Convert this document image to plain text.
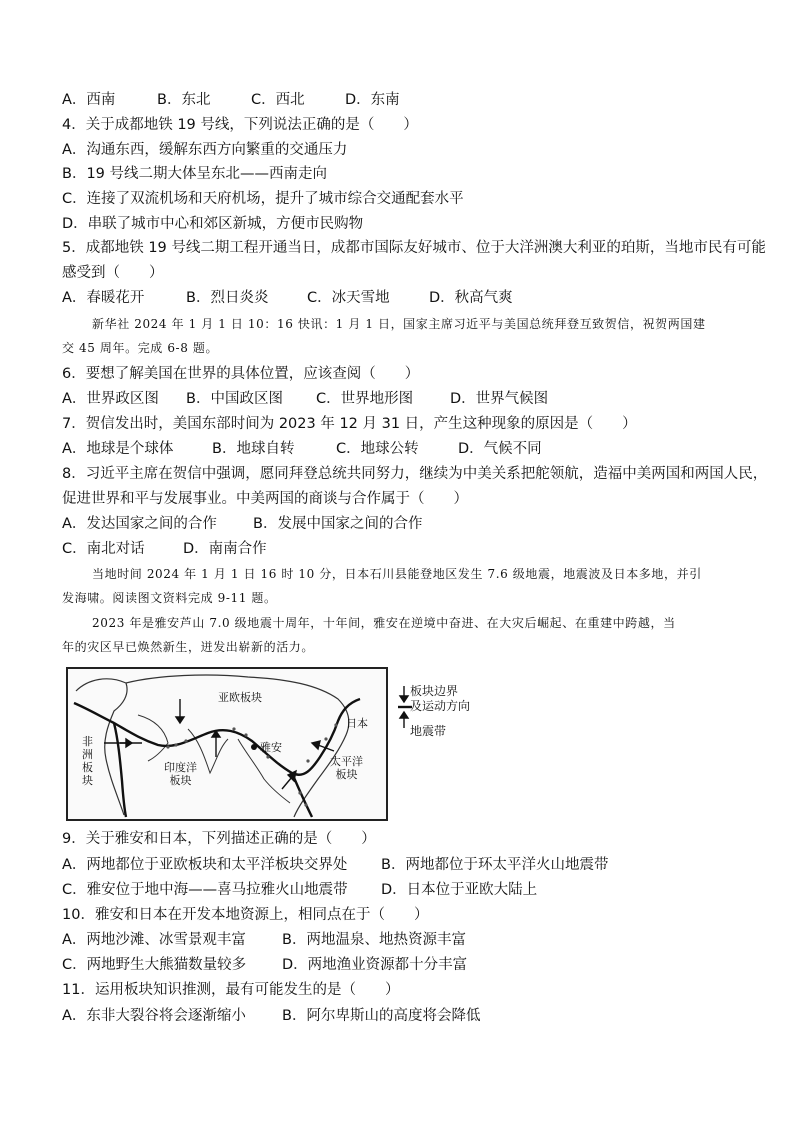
A．西南	B．东北	C．西北	D．东南
4．关于成都地铁 19 号线，下列说法正确的是（　　）
A．沟通东西，缓解东西方向繁重的交通压力
B．19 号线二期大体呈东北——西南走向
C．连接了双流机场和天府机场，提升了城市综合交通配套水平
D．串联了城市中心和郊区新城，方便市民购物
5．成都地铁 19 号线二期工程开通当日，成都市国际友好城市、位于大洋洲澳大利亚的珀斯，当地市民有可能
感受到（　　）
A．春暖花开	B．烈日炎炎	C．冰天雪地	D．秋高气爽
新华社 2024 年 1 月 1 日 10：16 快讯：1 月 1 日，国家主席习近平与美国总统拜登互致贺信，祝贺两国建
交 45 周年。完成 6-8 题。
6．要想了解美国在世界的具体位置，应该查阅（　　）
A．世界政区图 B．中国政区图 C．世界地形图	D．世界气候图
7．贺信发出时，美国东部时间为 2023 年 12 月 31 日，产生这种现象的原因是（　　）
A．地球是个球体	B．地球自转	C．地球公转	D．气候不同
8．习近平主席在贺信中强调，愿同拜登总统共同努力，继续为中美关系把舵领航，造福中美两国和两国人民，
促进世界和平与发展事业。中美两国的商谈与合作属于（　　）
A．发达国家之间的合作 B．发展中国家之间的合作
C．南北对话	D．南南合作
当地时间 2024 年 1 月 1 日 16 时 10 分，日本石川县能登地区发生 7.6 级地震，地震波及日本多地，并引
发海啸。阅读图文资料完成 9-11 题。
2023 年是雅安芦山 7.0 级地震十周年，十年间，雅安在逆境中奋进、在大灾后崛起、在重建中跨越，当
年的灾区早已焕然新生，迸发出崭新的活力。
亚欧板块
非
洲
板
块
印度洋
板块
雅安
日本
太平洋
板块
板块边界
及运动方向
地震带
9．关于雅安和日本，下列描述正确的是（　　）
A．两地都位于亚欧板块和太平洋板块交界处 B．两地都位于环太平洋火山地震带
C．雅安位于地中海——喜马拉雅火山地震带 D．日本位于亚欧大陆上
10．雅安和日本在开发本地资源上，相同点在于（　　）
A．两地沙滩、冰雪景观丰富 B．两地温泉、地热资源丰富
C．两地野生大熊猫数量较多 D．两地渔业资源都十分丰富
11．运用板块知识推测，最有可能发生的是（　　）
A．东非大裂谷将会逐渐缩小 B．阿尔卑斯山的高度将会降低
